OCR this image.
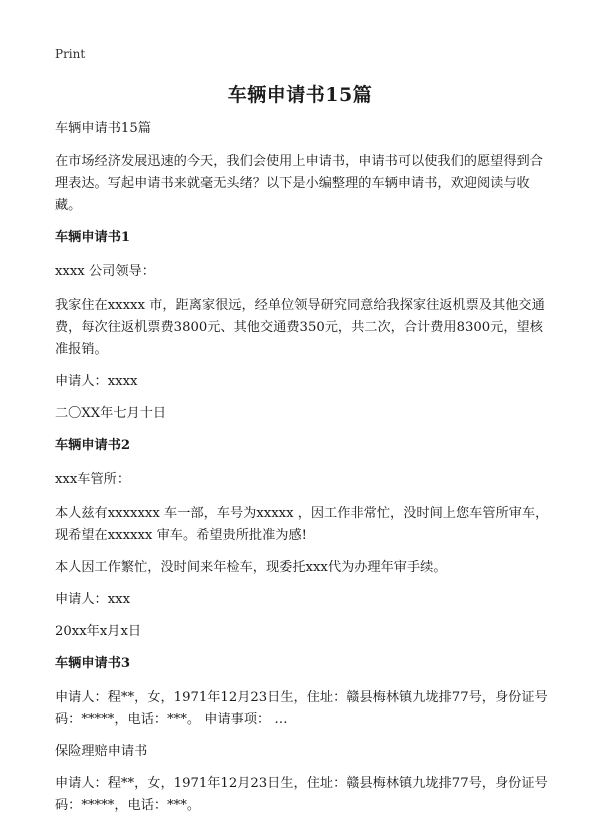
Print
车辆申请书15篇

车辆申请书15篇

在市场经济发展迅速的今天，我们会使用上申请书，申请书可以使我们的愿望得到合理表达。写起申请书来就毫无头绪？以下是小编整理的车辆申请书，欢迎阅读与收藏。

车辆申请书1

xxxx 公司领导：

我家住在xxxxx 市，距离家很远，经单位领导研究同意给我探家往返机票及其他交通费，每次往返机票费3800元、其他交通费350元，共二次，合计费用8300元，望核准报销。

申请人：xxxx

二〇XX年七月十日

车辆申请书2

xxx车管所：

本人兹有xxxxxxx 车一部，车号为xxxxx ，因工作非常忙，没时间上您车管所审车，现希望在xxxxxx 审车。希望贵所批准为感!

本人因工作繁忙，没时间来年检车，现委托xxx代为办理年审手续。

申请人：xxx

20xx年x月x日

车辆申请书3

申请人：程**，女，1971年12月23日生，住址：赣县梅林镇九垅排77号，身份证号码：*****，电话：***。 申请事项： …

保险理赔申请书

申请人：程**，女，1971年12月23日生，住址：赣县梅林镇九垅排77号，身份证号码：*****，电话：***。
